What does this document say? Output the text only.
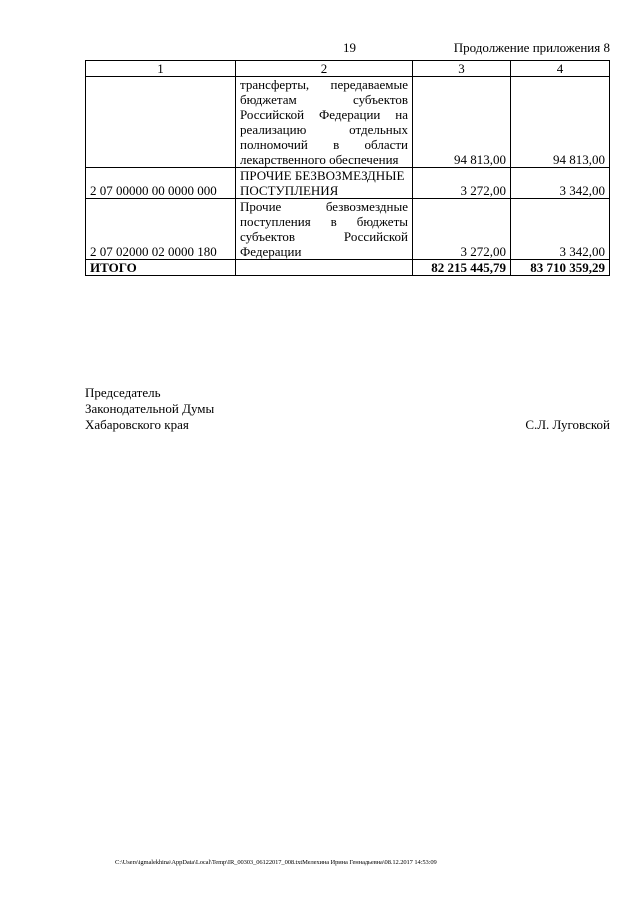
19	Продолжение приложения 8
1	2	3	4
	трансферты, передаваемые бюджетам субъектов Российской Федерации на реализацию отдельных полномочий в области лекарственного обеспечения	94 813,00	94 813,00
2 07 00000 00 0000 000	ПРОЧИЕ БЕЗВОЗМЕЗДНЫЕ ПОСТУПЛЕНИЯ	3 272,00	3 342,00
2 07 02000 02 0000 180	Прочие безвозмездные поступления в бюджеты субъектов Российской Федерации	3 272,00	3 342,00
ИТОГО		82 215 445,79	83 710 359,29
Председатель
Законодательной Думы
Хабаровского края	С.Л. Луговской
C:\Users\igmalekhina\AppData\Local\Temp\IR_00303_06122017_008.txtМелехина Ирина Геннадьевна\08.12.2017 14:53:09
